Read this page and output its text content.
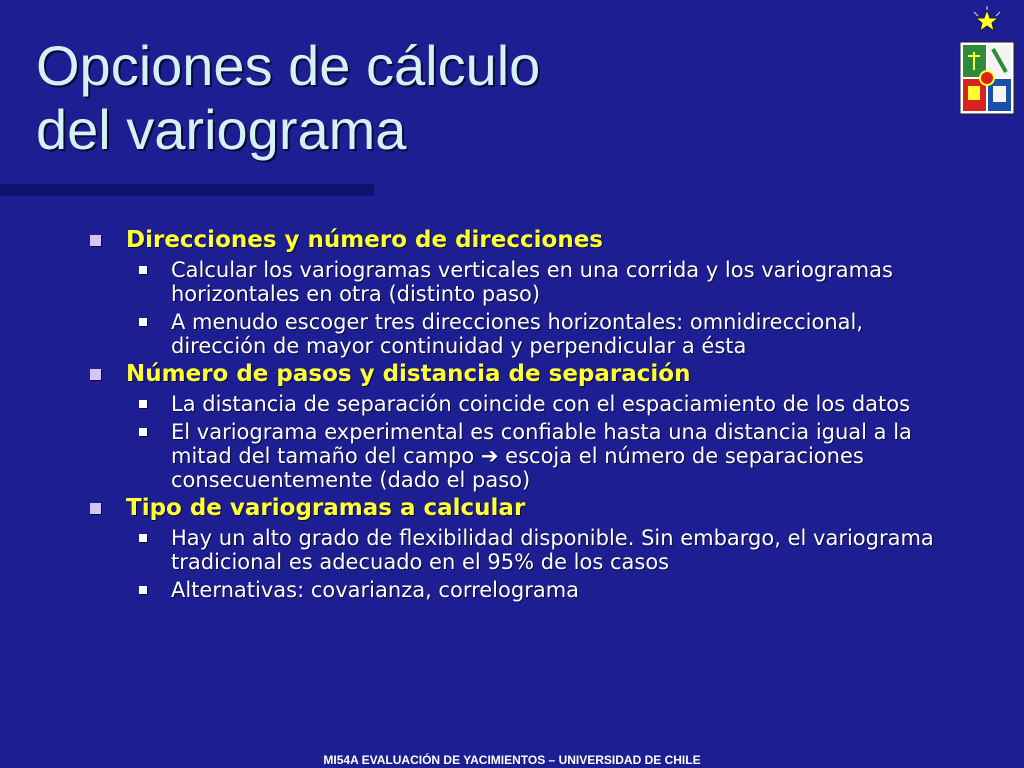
Opciones de cálculo
del variograma
Direcciones y número de direcciones
Calcular los variogramas verticales en una corrida y los variogramas horizontales en otra (distinto paso)
A menudo escoger tres direcciones horizontales: omnidireccional, dirección de mayor continuidad y perpendicular a ésta
Número de pasos y distancia de separación
La distancia de separación coincide con el espaciamiento de los datos
El variograma experimental es confiable hasta una distancia igual a la mitad del tamaño del campo ➔ escoja el número de separaciones consecuentemente (dado el paso)
Tipo de variogramas a calcular
Hay un alto grado de flexibilidad disponible. Sin embargo, el variograma tradicional es adecuado en el 95% de los casos
Alternativas: covarianza, correlograma
MI54A EVALUACIÓN DE YACIMIENTOS – UNIVERSIDAD DE CHILE
